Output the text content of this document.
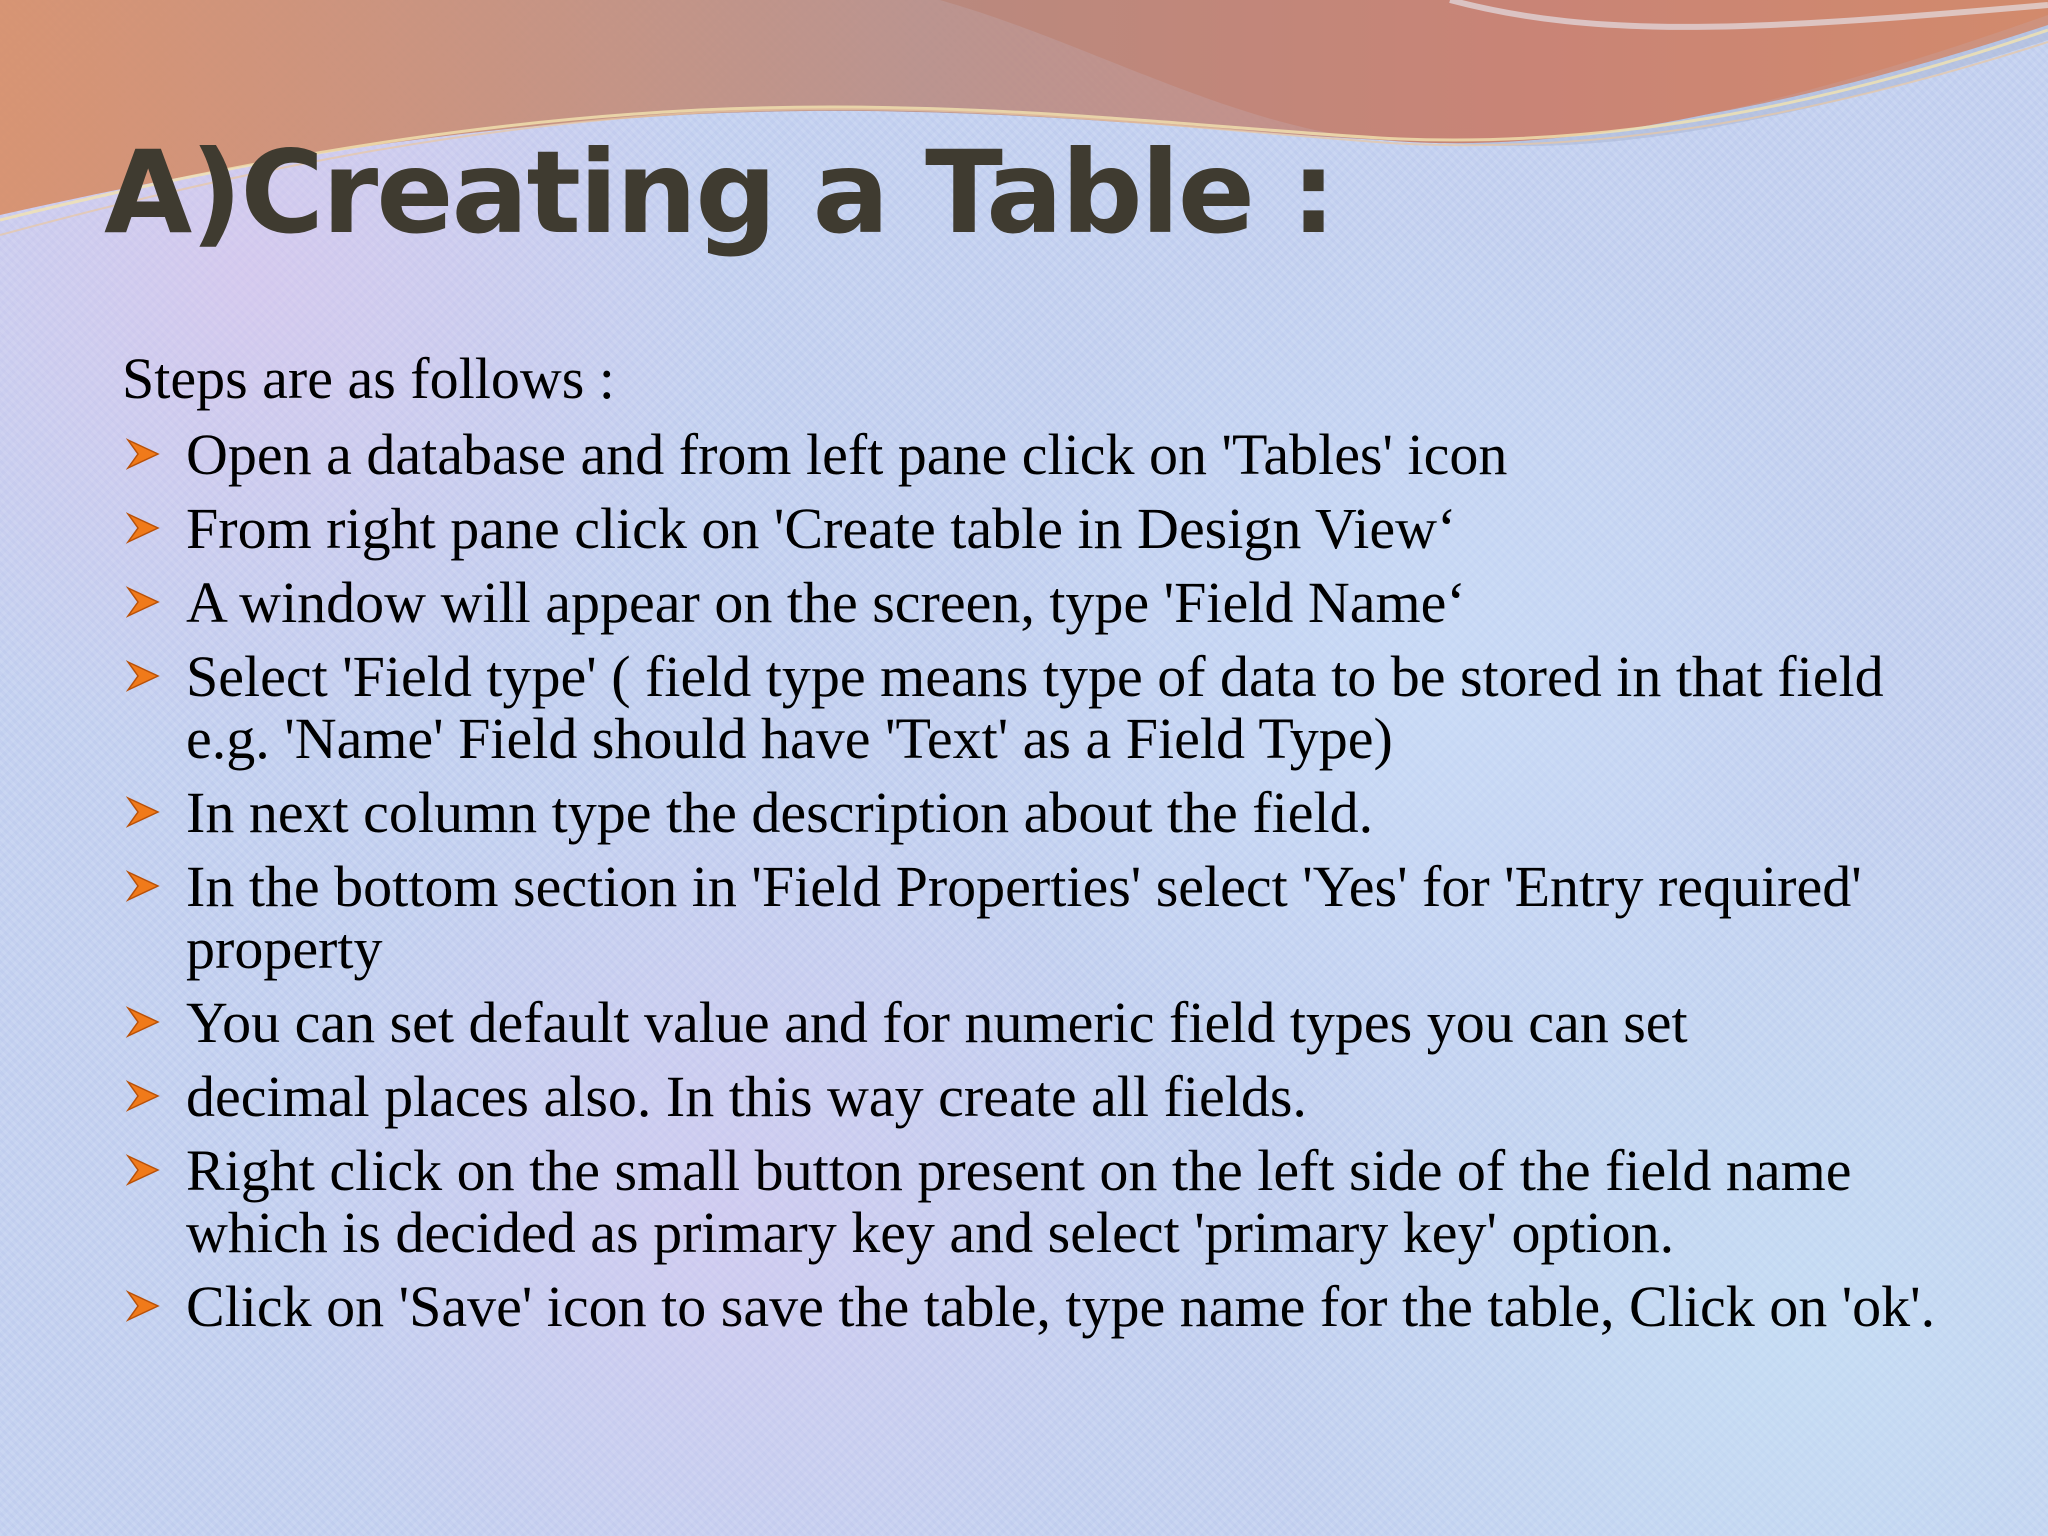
A)Creating a Table :

Steps are as follows :

Open a database and from left pane click on 'Tables' icon
From right pane click on 'Create table in Design View‘
A window will appear on the screen, type 'Field Name‘
Select 'Field type' ( field type means type of data to be stored in that field e.g. 'Name' Field should have 'Text' as a Field Type)
In next column type the description about the field.
In the bottom section in 'Field Properties' select 'Yes' for 'Entry required' property
You can set default value and for numeric field types you can set
decimal places also. In this way create all fields.
Right click on the small button present on the left side of the field name which is decided as primary key and select 'primary key' option.
Click on 'Save' icon to save the table, type name for the table, Click on 'ok'.
